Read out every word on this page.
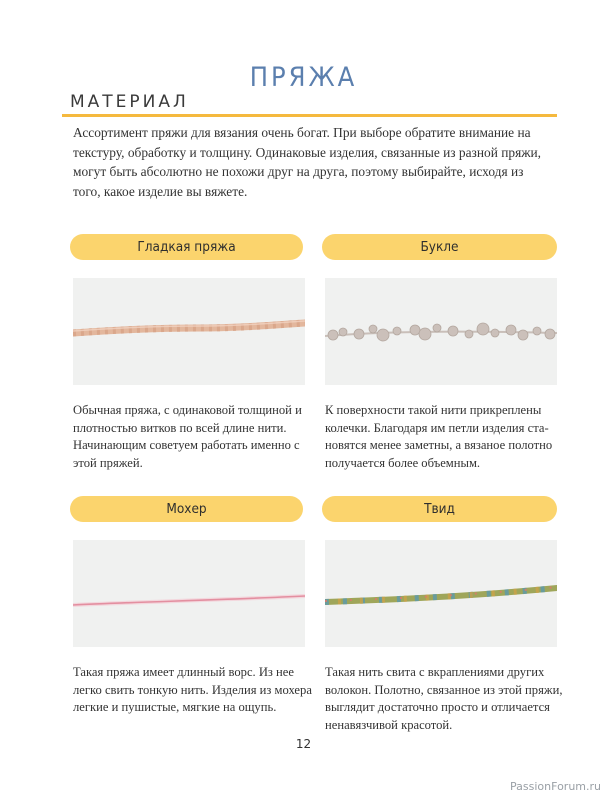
ПРЯЖА
МАТЕРИАЛ

Ассортимент пряжи для вязания очень богат. При выборе обратите внимание на текстуру, обработку и толщину. Одинаковые изделия, связанные из разной пряжи, могут быть абсолютно не похожи друг на друга, поэтому выбирайте, исходя из того, какое изделие вы вяжете.

Гладкая пряжа

Обычная пряжа, с одинаковой толщиной и плотностью витков по всей длине нити. Начинающим советуем работать именно с этой пряжей.

Букле

К поверхности такой нити прикреплены колечки. Благодаря им петли изделия становятся менее заметны, а вязаное полотно получается более объемным.

Мохер

Такая пряжа имеет длинный ворс. Из нее легко свить тонкую нить. Изделия из мохера легкие и пушистые, мягкие на ощупь.

Твид

Такая нить свита с вкраплениями других волокон. Полотно, связанное из этой пряжи, выглядит достаточно просто и отличается ненавязчивой красотой.

12
PassionForum.ru
